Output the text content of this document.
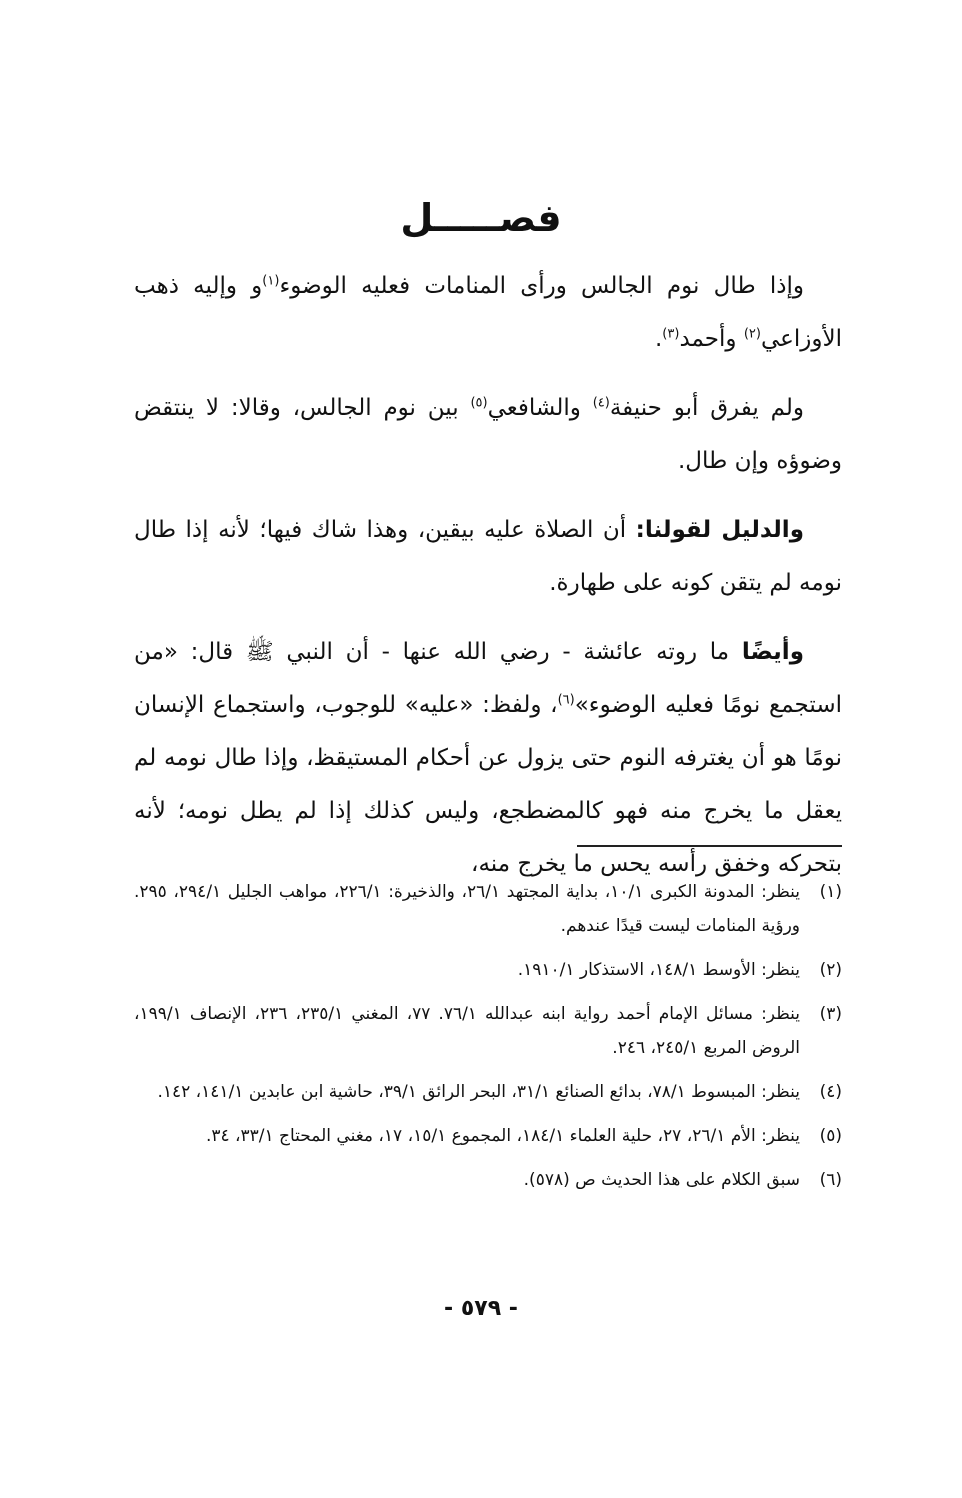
فصـــــل

وإذا طال نوم الجالس ورأى المنامات فعليه الوضوء$^{(١)}$و وإليه ذهب الأوزاعي$^{(٢)}$ وأحمد$^{(٣)}$.

ولم يفرق أبو حنيفة$^{(٤)}$ والشافعي$^{(٥)}$ بين نوم الجالس، وقالا: لا ينتقض وضوؤه وإن طال.

والدليل لقولنا: أن الصلاة عليه بيقين، وهذا شاك فيها؛ لأنه إذا طال نومه لم يتقن كونه على طهارة.

وأيضًا ما روته عائشة - رضي الله عنها - أن النبي ﷺ قال: «من استجمع نومًا فعليه الوضوء»$^{(٦)}$، ولفظ: «عليه» للوجوب، واستجماع الإنسان نومًا هو أن يغترفه النوم حتى يزول عن أحكام المستيقظ، وإذا طال نومه لم يعقل ما يخرج منه فهو كالمضطجع، وليس كذلك إذا لم يطل نومه؛ لأنه بتحركه وخفق رأسه يحس ما يخرج منه،

(١)
ينظر: المدونة الكبرى ١٠/١، بداية المجتهد ٢٦/١، والذخيرة: ٢٢٦/١، مواهب الجليل ٢٩٤/١، ٢٩٥. ورؤية المنامات ليست قيدًا عندهم.
(٢)
ينظر: الأوسط ١٤٨/١، الاستذكار ١٩١٠/١.
(٣)
ينظر: مسائل الإمام أحمد رواية ابنه عبدالله ٧٦/١. ٧٧، المغني ٢٣٥/١، ٢٣٦، الإنصاف ١٩٩/١، الروض المربع ٢٤٥/١، ٢٤٦.
(٤)
ينظر: المبسوط ٧٨/١، بدائع الصنائع ٣١/١، البحر الرائق ٣٩/١، حاشية ابن عابدين ١٤١/١، ١٤٢.
(٥)
ينظر: الأم ٢٦/١، ٢٧، حلية العلماء ١٨٤/١، المجموع ١٥/١، ١٧، مغني المحتاج ٣٣/١، ٣٤.
(٦)
سبق الكلام على هذا الحديث ص (٥٧٨).
- ٥٧٩ -
